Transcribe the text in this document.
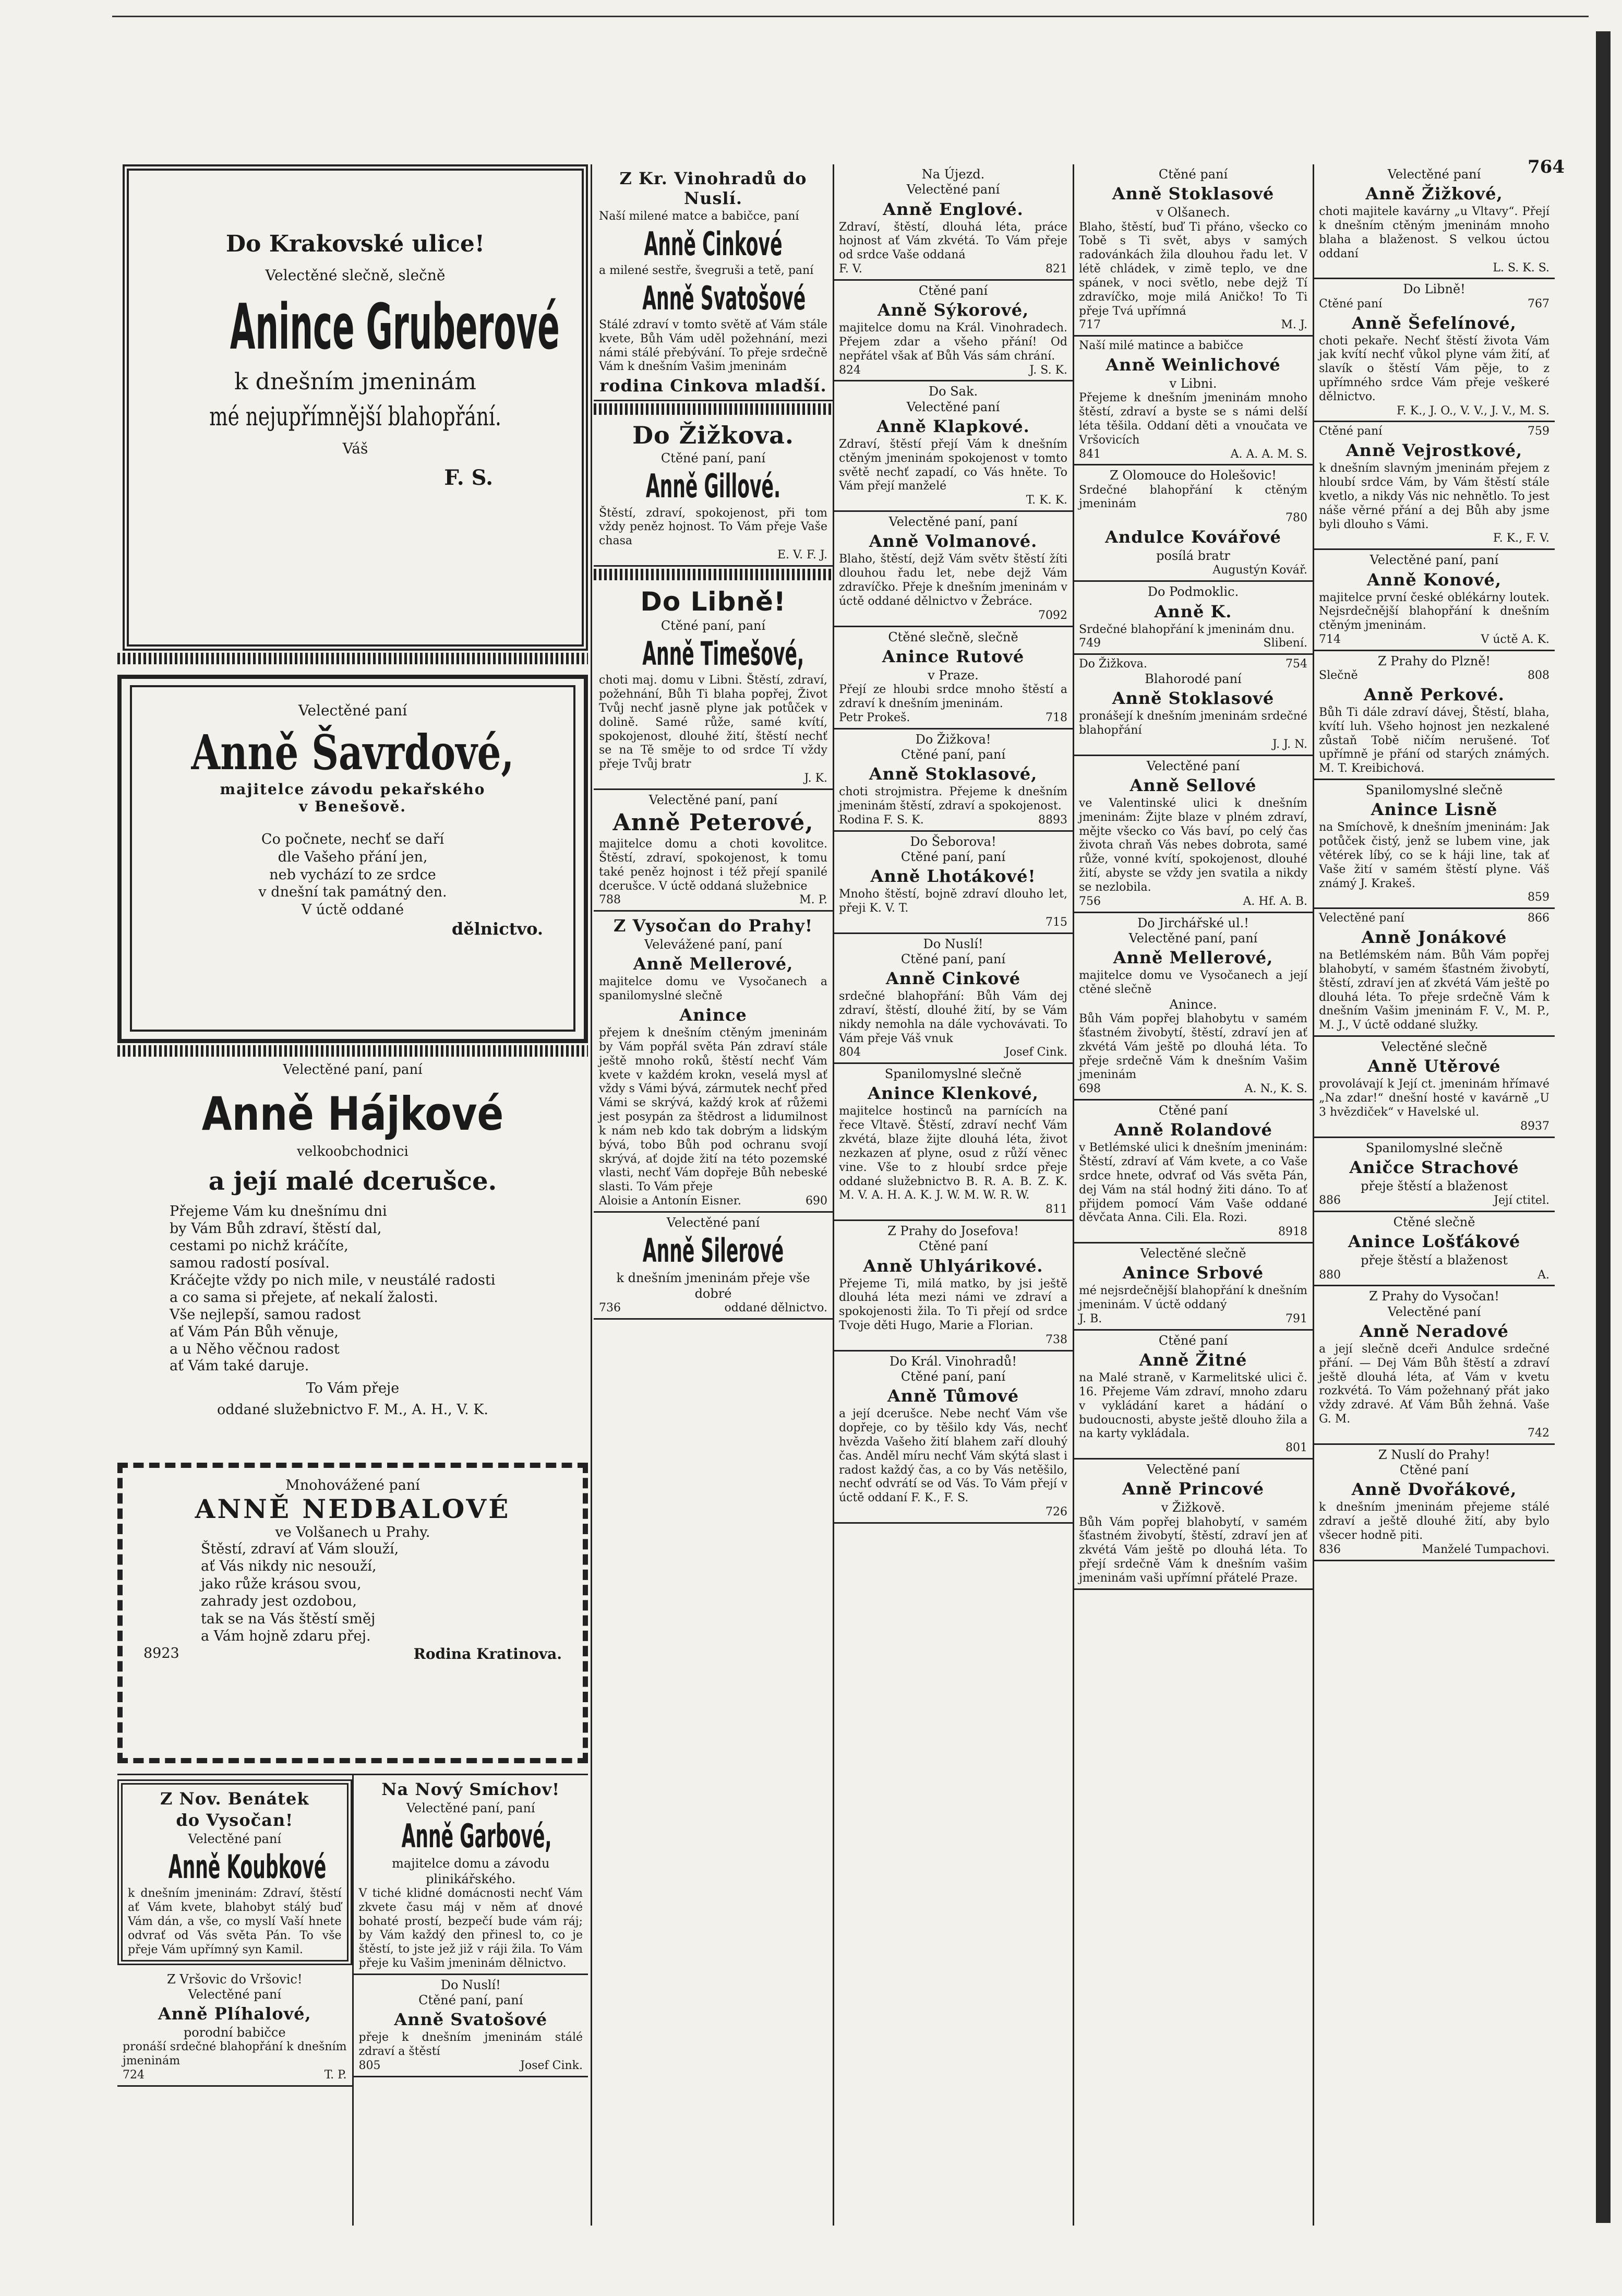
764
Do Krakovské ulice!
Velectěné slečně, slečně
Anince Gruberové
k dnešním jmeninám
mé nejupřímnější blahopřání.
Váš
F. S.
Velectěné paní
Anně Šavrdové,
majitelce závodu pekařského
v Benešově.
Co počnete, nechť se daří
dle Vašeho přání jen,
neb vychází to ze srdce
v dnešní tak památný den.
V úctě oddané
dělnictvo.
Velectěné paní, paní
Anně Hájkové
velkoobchodnici
a její malé dcerušce.
Přejeme Vám ku dnešnímu dni
by Vám Bůh zdraví, štěstí dal,
cestami po nichž kráčíte,
samou radostí posíval.
Kráčejte vždy po nich mile, v neustálé radosti
a co sama si přejete, ať nekalí žalosti.
Vše nejlepší, samou radost
ať Vám Pán Bůh věnuje,
a u Něho věčnou radost
ať Vám také daruje.
To Vám přeje
oddané služebnictvo F. M., A. H., V. K.
Mnohovážené paní
ANNĚ NEDBALOVÉ
ve Volšanech u Prahy.
Štěstí, zdraví ať Vám slouží,
ať Vás nikdy nic nesouží,
jako růže krásou svou,
zahrady jest ozdobou,
tak se na Vás štěstí směj
a Vám hojně zdaru přej.
8923	Rodina Kratinova.
Z Nov. Benátek
do Vysočan!
Velectěné paní
Anně Koubkové
k dnešním jmeninám: Zdraví, štěstí ať Vám kvete, blahobyt stálý buď Vám dán, a vše, co myslí Vaší hnete odvrať od Vás světa Pán. To vše přeje Vám upřímný syn Kamil.
Z Vršovic do Vršovic!
Velectěné paní
Anně Plíhalové,
porodní babičce
pronáší srdečné blahopřání k dnešním jmeninám
724	T. P.
Na Nový Smíchov!
Velectěné paní, paní
Anně Garbové,
majitelce domu a závodu plinikářského.
V tiché klidné domácnosti nechť Vám zkvete času máj v něm ať dnové bohaté prostí, bezpečí bude vám ráj; by Vám každý den přinesl to, co je štěstí, to jste jež již v ráji žila. To Vám přeje ku Vašim jmeninám dělnictvo.
Do Nuslí!
Ctěné paní, paní
Anně Svatošové
přeje k dnešním jmeninám stálé zdraví a štěstí
805	Josef Cink.
Z Kr. Vinohradů do Nuslí.
Naší milené matce a babičce, paní
Anně Cinkové
a milené sestře, švegruši a tetě, paní
Anně Svatošové
Stálé zdraví v tomto světě ať Vám stále kvete, Bůh Vám uděl požehnání, mezi námi stálé přebývání. To přeje srdečně Vám k dnešním Vašim jmeninám
rodina Cinkova mladší.
Do Žižkova.
Ctěné paní, paní
Anně Gillové.
Štěstí, zdraví, spokojenost, při tom vždy peněz hojnost. To Vám přeje Vaše chasa
E. V. F. J.
Do Libně!
Ctěné paní, paní
Anně Timešové,
choti maj. domu v Libni. Štěstí, zdraví, požehnání, Bůh Ti blaha popřej, Život Tvůj nechť jasně plyne jak potůček v dolině. Samé růže, samé kvítí, spokojenost, dlouhé žití, štěstí nechť se na Tě směje to od srdce Tí vždy přeje Tvůj bratr
J. K.
Velectěné paní, paní
Anně Peterové,
majitelce domu a choti kovolitce. Štěstí, zdraví, spokojenost, k tomu také peněz hojnost i též přejí spanilé dcerušce. V úctě oddaná služebnice
788	M. P.
Z Vysočan do Prahy!
Velevážené paní, paní
Anně Mellerové,
majitelce domu ve Vysočanech a spanilomyslné slečně
Anince
přejem k dnešním ctěným jmeninám by Vám popřál světa Pán zdraví stále ještě mnoho roků, štěstí nechť Vám kvete v každém krokn, veselá mysl ať vždy s Vámi bývá, zármutek nechť před Vámi se skrývá, každý krok ať růžemi jest posypán za štědrost a lidumilnost k nám neb kdo tak dobrým a lidským bývá, tobo Bůh pod ochranu svojí skrývá, ať dojde žití na této pozemské vlasti, nechť Vám dopřeje Bůh nebeské slasti. To Vám přeje
Aloisie a Antonín Eisner.	690
Velectěné paní
Anně Silerové
k dnešním jmeninám přeje vše dobré
736	oddané dělnictvo.
Na Újezd.
Velectěné paní
Anně Englové.
Zdraví, štěstí, dlouhá léta, práce hojnost ať Vám zkvétá. To Vám přeje od srdce Vaše oddaná
F. V.	821
Ctěné paní
Anně Sýkorové,
majitelce domu na Král. Vinohradech. Přejem zdar a všeho přání! Od nepřátel však ať Bůh Vás sám chrání.
824	J. S. K.
Do Sak.
Velectěné paní
Anně Klapkové.
Zdraví, štěstí přejí Vám k dnešním ctěným jmeninám spokojenost v tomto světě nechť zapadí, co Vás hněte. To Vám přejí manželé
T. K. K.
Velectěné paní, paní
Anně Volmanové.
Blaho, štěstí, dejž Vám světv štěstí žíti dlouhou řadu let, nebe dejž Vám zdravíčko. Přeje k dnešním jmeninám v úctě oddané dělnictvo v Žebráce.
7092
Ctěné slečně, slečně
Anince Rutové
v Praze.
Přejí ze hloubi srdce mnoho štěstí a zdraví k dnešním jmeninám.
Petr Prokeš.	718
Do Žižkova!
Ctěné paní, paní
Anně Stoklasové,
choti strojmistra. Přejeme k dnešním jmeninám štěstí, zdraví a spokojenost.
Rodina F. S. K.	8893
Do Šeborova!
Ctěné paní, paní
Anně Lhotákové!
Mnoho štěstí, bojně zdraví dlouho let, přeji K. V. T.
715
Do Nuslí!
Ctěné paní, paní
Anně Cinkové
srdečné blahopřání: Bůh Vám dej zdraví, štěstí, dlouhé žití, by se Vám nikdy nemohla na dále vychovávati. To Vám přeje Váš vnuk
804	Josef Cink.
Spanilomyslné slečně
Anince Klenkové,
majitelce hostinců na parnících na řece Vltavě. Štěstí, zdraví nechť Vám zkvétá, blaze žijte dlouhá léta, život nezkazen ať plyne, osud z růží věnec vine. Vše to z hloubí srdce přeje oddané služebnictvo B. R. A. B. Z. K. M. V. A. H. A. K. J. W. M. W. R. W.
811
Z Prahy do Josefova!
Ctěné paní
Anně Uhlyárikové.
Přejeme Ti, milá matko, by jsi ještě dlouhá léta mezi námi ve zdraví a spokojenosti žila. To Ti přejí od srdce Tvoje děti Hugo, Marie a Florian.
738
Do Král. Vinohradů!
Ctěné paní, paní
Anně Tůmové
a její dcerušce. Nebe nechť Vám vše dopřeje, co by těšilo kdy Vás, nechť hvězda Vašeho žití blahem zaří dlouhý čas. Anděl míru nechť Vám skýtá slast i radost každý čas, a co by Vás netěšilo, nechť odvrátí se od Vás. To Vám přejí v úctě oddaní F. K., F. S.
726
Ctěné paní
Anně Stoklasové
v Olšanech.
Blaho, štěstí, buď Ti přáno, všecko co Tobě s Ti svět, abys v samých radovánkách žila dlouhou řadu let. V létě chládek, v zimě teplo, ve dne spánek, v noci světlo, nebe dejž Tí zdravíčko, moje milá Aničko! To Ti přeje Tvá upřímná
717	M. J.
Naší milé matince a babičce
Anně Weinlichové
v Libni.
Přejeme k dnešním jmeninám mnoho štěstí, zdraví a byste se s námi delší léta těšila. Oddaní děti a vnoučata ve Vršovicích
841	A. A. A. M. S.
Z Olomouce do Holešovic!
Srdečné blahopřání k ctěným jmeninám
780
Andulce Kovářové
posílá bratr
Augustýn Kovář.
Do Podmoklic.
Anně K.
Srdečné blahopřání k jmeninám dnu.
749	Slibení.
Do Žižkova.	754
Blahorodé paní
Anně Stoklasové
pronášejí k dnešním jmeninám srdečné blahopřání
J. J. N.
Velectěné paní
Anně Sellové
ve Valentinské ulici k dnešním jmeninám: Žijte blaze v plném zdraví, mějte všecko co Vás baví, po celý čas života chraň Vás nebes dobrota, samé růže, vonné kvítí, spokojenost, dlouhé žití, abyste se vždy jen svatila a nikdy se nezlobila.
756	A. Hf. A. B.
Do Jirchářské ul.!
Velectěné paní, paní
Anně Mellerové,
majitelce domu ve Vysočanech a její ctěné slečně
Anince.
Bůh Vám popřej blahobytu v samém šťastném živobytí, štěstí, zdraví jen ať zkvétá Vám ještě po dlouhá léta. To přeje srdečně Vám k dnešním Vašim jmeninám
698	A. N., K. S.
Ctěné paní
Anně Rolandové
v Betlémské ulici k dnešním jmeninám: Štěstí, zdraví ať Vám kvete, a co Vaše srdce hnete, odvrať od Vás světa Pán, dej Vám na stál hodný žiti dáno. To ať přijdem pomocí Vám Vaše oddané děvčata Anna. Cili. Ela. Rozi.
8918
Velectěné slečně
Anince Srbové
mé nejsrdečnější blahopřání k dnešním jmeninám. V úctě oddaný
J. B.	791
Ctěné paní
Anně Žitné
na Malé straně, v Karmelitské ulici č. 16. Přejeme Vám zdraví, mnoho zdaru v vykládání karet a hádání o budoucnosti, abyste ještě dlouho žila a na karty vykládala.
801
Velectěné paní
Anně Princové
v Žižkově.
Bůh Vám popřej blahobytí, v samém šťastném živobytí, štěstí, zdraví jen ať zkvétá Vám ještě po dlouhá léta. To přejí srdečně Vám k dnešním vašim jmeninám vaši upřímní přátelé Praze.
Velectěné paní
Anně Žižkové,
choti majitele kavárny „u Vltavy“. Přejí k dnešním ctěným jmeninám mnoho blaha a blaženost. S velkou úctou oddaní
L. S. K. S.
Do Libně!
Ctěné paní	767
Anně Šefelínové,
choti pekaře. Nechť štěstí života Vám jak kvítí nechť vůkol plyne vám žití, ať slavík o štěstí Vám pěje, to z upřímného srdce Vám přeje veškeré dělnictvo.
F. K., J. O., V. V., J. V., M. S.
Ctěné paní	759
Anně Vejrostkové,
k dnešním slavným jmeninám přejem z hloubí srdce Vám, by Vám štěstí stále kvetlo, a nikdy Vás nic nehnětlo. To jest náše věrné přání a dej Bůh aby jsme byli dlouho s Vámi.
F. K., F. V.
Velectěné paní, paní
Anně Konové,
majitelce první české oblékárny loutek. Nejsrdečnější blahopřání k dnešním ctěným jmeninám.
714	V úctě A. K.
Z Prahy do Plzně!
Slečně	808
Anně Perkové.
Bůh Ti dále zdraví dávej, Štěstí, blaha, kvítí luh. Všeho hojnost jen nezkalené zůstaň Tobě ničím nerušené. Toť upřímně je přání od starých známých. M. T. Kreibichová.
Spanilomyslné slečně
Anince Lisně
na Smíchově, k dnešním jmeninám: Jak potůček čistý, jenž se lubem vine, jak větérek líbý, co se k háji line, tak ať Vaše žití v samém štěstí plyne. Váš známý J. Krakeš.
859
Velectěné paní	866
Anně Jonákové
na Betlémském nám. Bůh Vám popřej blahobytí, v samém šťastném živobytí, štěstí, zdraví jen ať zkvétá Vám ještě po dlouhá léta. To přeje srdečně Vám k dnešním Vašim jmeninám F. V., M. P., M. J., V úctě oddané služky.
Velectěné slečně
Anně Utěrové
provolávají k Její ct. jmeninám hřímavé „Na zdar!“ dnešní hosté v kavárně „U 3 hvězdiček“ v Havelské ul.
8937
Spanilomyslné slečně
Aničce Strachové
přeje štěstí a blaženost
886	Její ctitel.
Ctěné slečně
Anince Lošťákové
přeje štěstí a blaženost
880	A.
Z Prahy do Vysočan!
Velectěné paní
Anně Neradové
a její slečně dceři Andulce srdečné přání. — Dej Vám Bůh štěstí a zdraví ještě dlouhá léta, ať Vám v kvetu rozkvétá. To Vám požehnaný přát jako vždy zdravé. Ať Vám Bůh žehná. Vaše G. M.
742
Z Nuslí do Prahy!
Ctěné paní
Anně Dvořákové,
k dnešním jmeninám přejeme stálé zdraví a ještě dlouhé žití, aby bylo všecer hodně piti.
836	Manželé Tumpachovi.
